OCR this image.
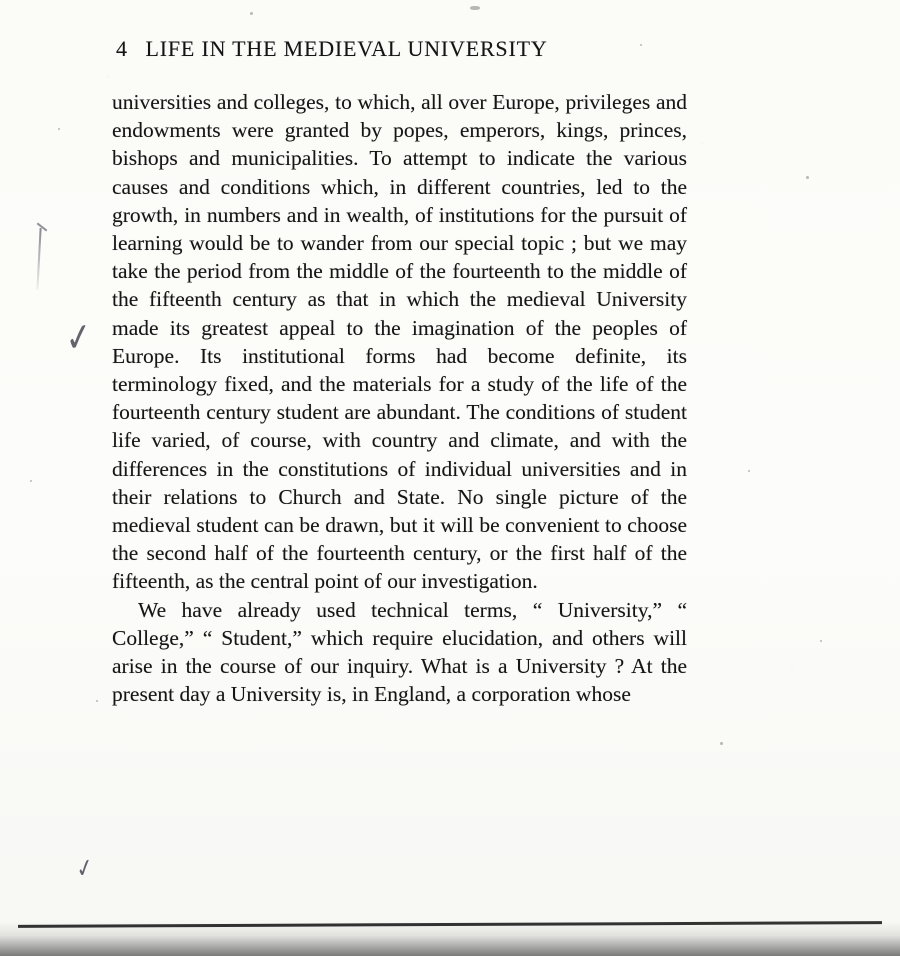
4 LIFE IN THE MEDIEVAL UNIVERSITY

universities and colleges, to which, all over Europe, privileges and endowments were granted by popes, emperors, kings, princes, bishops and municipalities. To attempt to indicate the various causes and conditions which, in different countries, led to the growth, in numbers and in wealth, of institutions for the pursuit of learning would be to wander from our special topic ; but we may take the period from the middle of the fourteenth to the middle of the fifteenth century as that in which the medieval University made its greatest appeal to the imagination of the peoples of Europe. Its institutional forms had become definite, its terminology fixed, and the materials for a study of the life of the fourteenth century student are abundant. The conditions of student life varied, of course, with country and climate, and with the differences in the constitutions of individual universities and in their relations to Church and State. No single picture of the medieval student can be drawn, but it will be convenient to choose the second half of the fourteenth century, or the first half of the fifteenth, as the central point of our investigation.

We have already used technical terms, “ University,” “ College,” “ Student,” which require elucidation, and others will arise in the course of our inquiry. What is a University ? At the present day a University is, in England, a corporation whose

✓
✓
